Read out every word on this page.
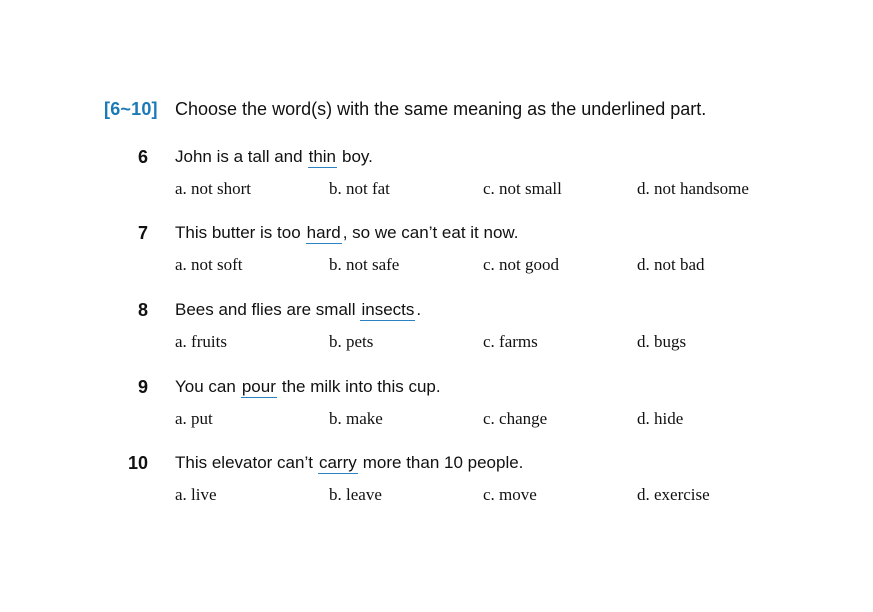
[6~10] Choose the word(s) with the same meaning as the underlined part.
6 John is a tall and thin boy.
a. not short	b. not fat	c. not small	d. not handsome
7 This butter is too hard , so we can’t eat it now.
a. not soft	b. not safe	c. not good	d. not bad
8 Bees and flies are small insects .
a. fruits	b. pets	c. farms	d. bugs
9 You can pour the milk into this cup.
a. put	b. make	c. change	d. hide
10 This elevator can’t carry more than 10 people.
a. live	b. leave	c. move	d. exercise
